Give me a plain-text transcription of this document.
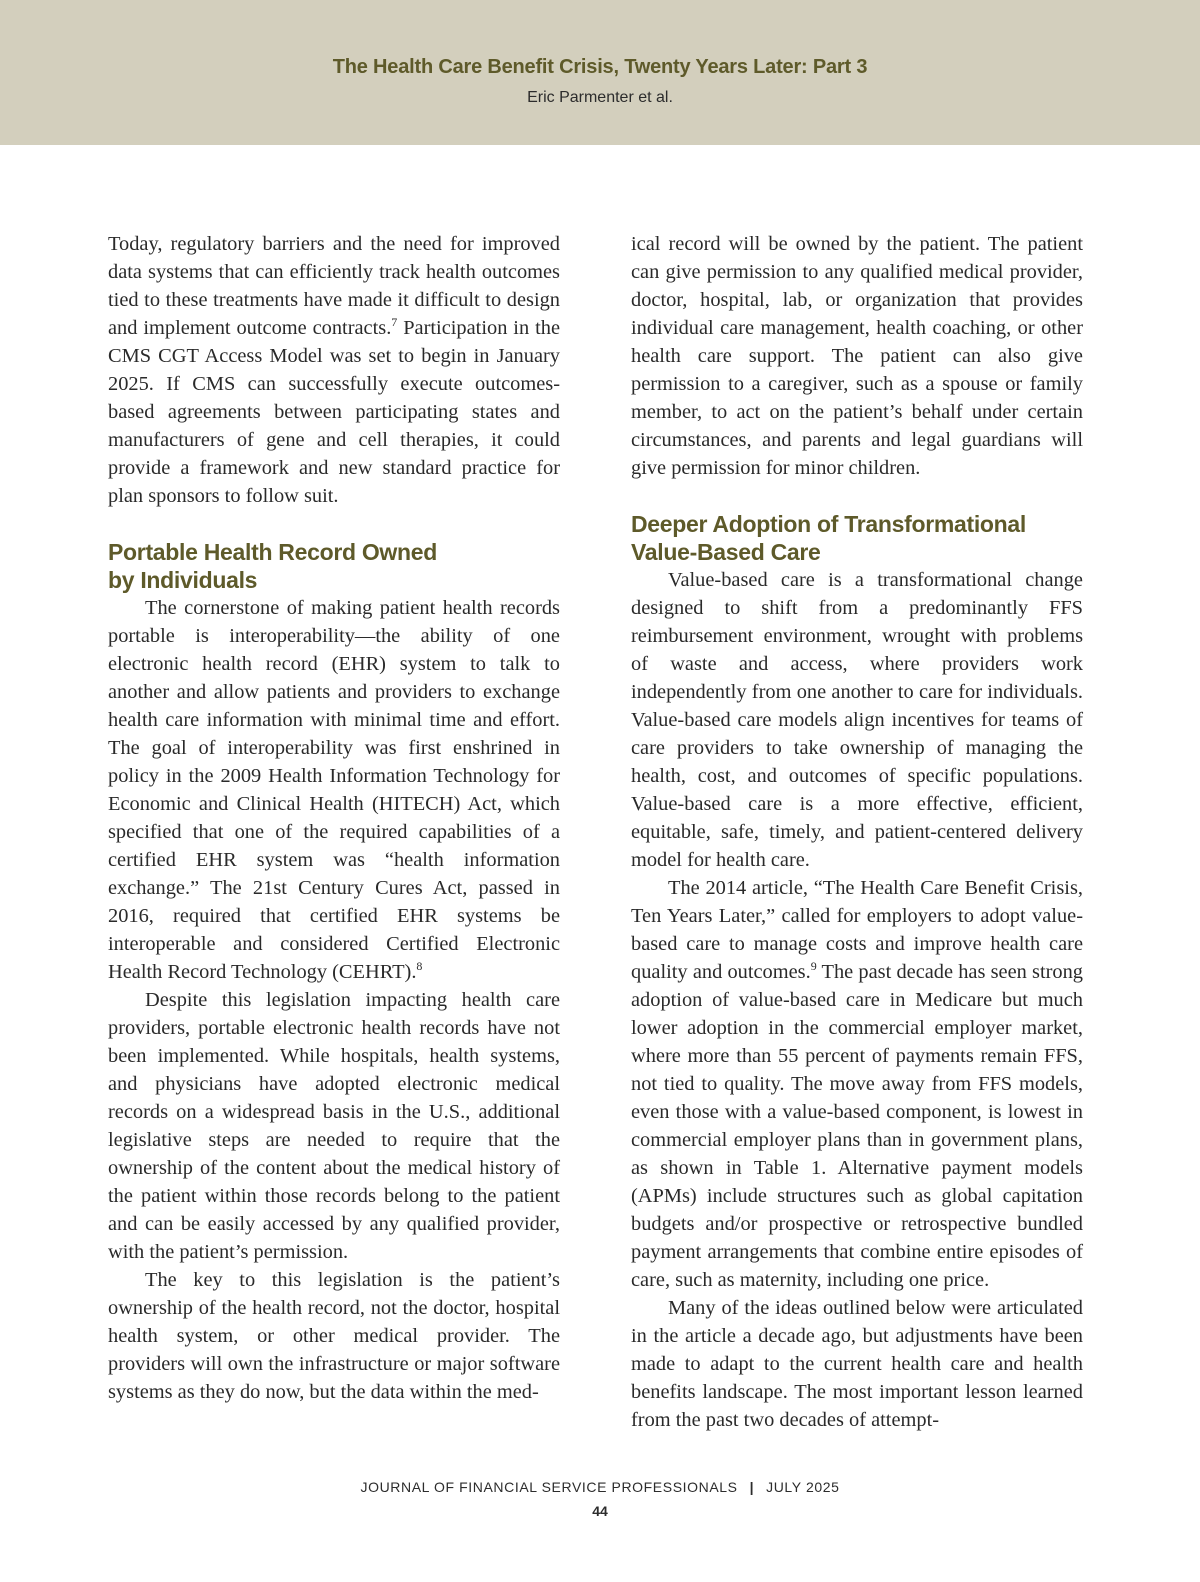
The Health Care Benefit Crisis, Twenty Years Later: Part 3
Eric Parmenter et al.

Today, regulatory barriers and the need for improved data systems that can efficiently track health outcomes tied to these treatments have made it difficult to design and implement outcome contracts.$^7$ Participation in the CMS CGT Access Model was set to begin in January 2025. If CMS can successfully execute outcomes-based agreements between participating states and manufacturers of gene and cell therapies, it could provide a framework and new standard practice for plan sponsors to follow suit.

Portable Health Record Owned
by Individuals

The cornerstone of making patient health records portable is interoperability—the ability of one electronic health record (EHR) system to talk to another and allow patients and providers to exchange health care information with minimal time and effort. The goal of interoperability was first enshrined in policy in the 2009 Health Information Technology for Economic and Clinical Health (HITECH) Act, which specified that one of the required capabilities of a certified EHR system was “health information exchange.” The 21st Century Cures Act, passed in 2016, required that certified EHR systems be interoperable and considered Certified Electronic Health Record Technology (CEHRT).$^8$

Despite this legislation impacting health care providers, portable electronic health records have not been implemented. While hospitals, health systems, and physicians have adopted electronic medical records on a widespread basis in the U.S., additional legislative steps are needed to require that the ownership of the content about the medical history of the patient within those records belong to the patient and can be easily accessed by any qualified provider, with the patient’s permission.

The key to this legislation is the patient’s ownership of the health record, not the doctor, hospital health system, or other medical provider. The providers will own the infrastructure or major software systems as they do now, but the data within the med-

ical record will be owned by the patient. The patient can give permission to any qualified medical provider, doctor, hospital, lab, or organization that provides individual care management, health coaching, or other health care support. The patient can also give permission to a caregiver, such as a spouse or family member, to act on the patient’s behalf under certain circumstances, and parents and legal guardians will give permission for minor children.

Deeper Adoption of Transformational
Value-Based Care

Value-based care is a transformational change designed to shift from a predominantly FFS reimbursement environment, wrought with problems of waste and access, where providers work independently from one another to care for individuals. Value-based care models align incentives for teams of care providers to take ownership of managing the health, cost, and outcomes of specific populations. Value-based care is a more effective, efficient, equitable, safe, timely, and patient-centered delivery model for health care.

The 2014 article, “The Health Care Benefit Crisis, Ten Years Later,” called for employers to adopt value-based care to manage costs and improve health care quality and outcomes.$^9$ The past decade has seen strong adoption of value-based care in Medicare but much lower adoption in the commercial employer market, where more than 55 percent of payments remain FFS, not tied to quality. The move away from FFS models, even those with a value-based component, is lowest in commercial employer plans than in government plans, as shown in Table 1. Alternative payment models (APMs) include structures such as global capitation budgets and/or prospective or retrospective bundled payment arrangements that combine entire episodes of care, such as maternity, including one price.

Many of the ideas outlined below were articulated in the article a decade ago, but adjustments have been made to adapt to the current health care and health benefits landscape. The most important lesson learned from the past two decades of attempt-

JOURNAL OF FINANCIAL SERVICE PROFESSIONALS | JULY 2025
44
